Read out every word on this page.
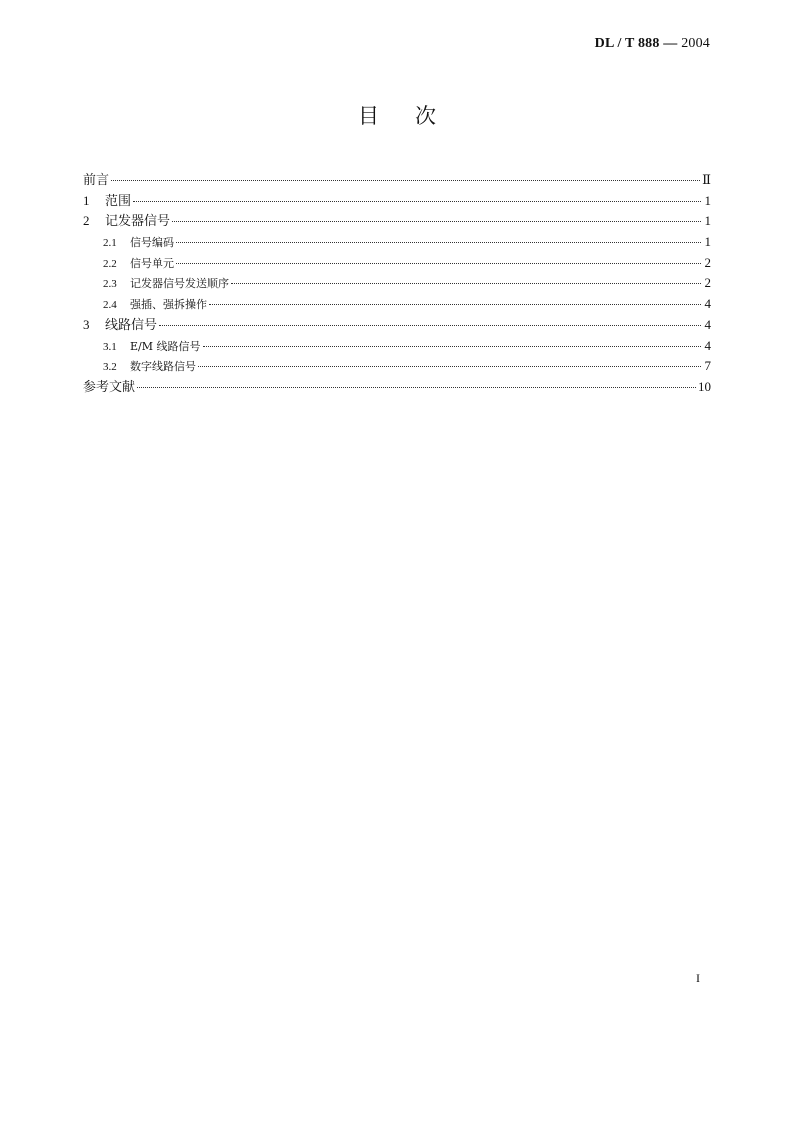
DL / T 888 — 2004
目次
前言	Ⅱ
1	范围	1
2	记发器信号	1
2.1	信号编码	1
2.2	信号单元	2
2.3	记发器信号发送顺序	2
2.4	强插、强拆操作	4
3	线路信号	4
3.1	E/M 线路信号	4
3.2	数字线路信号	7
参考文献	10
I
